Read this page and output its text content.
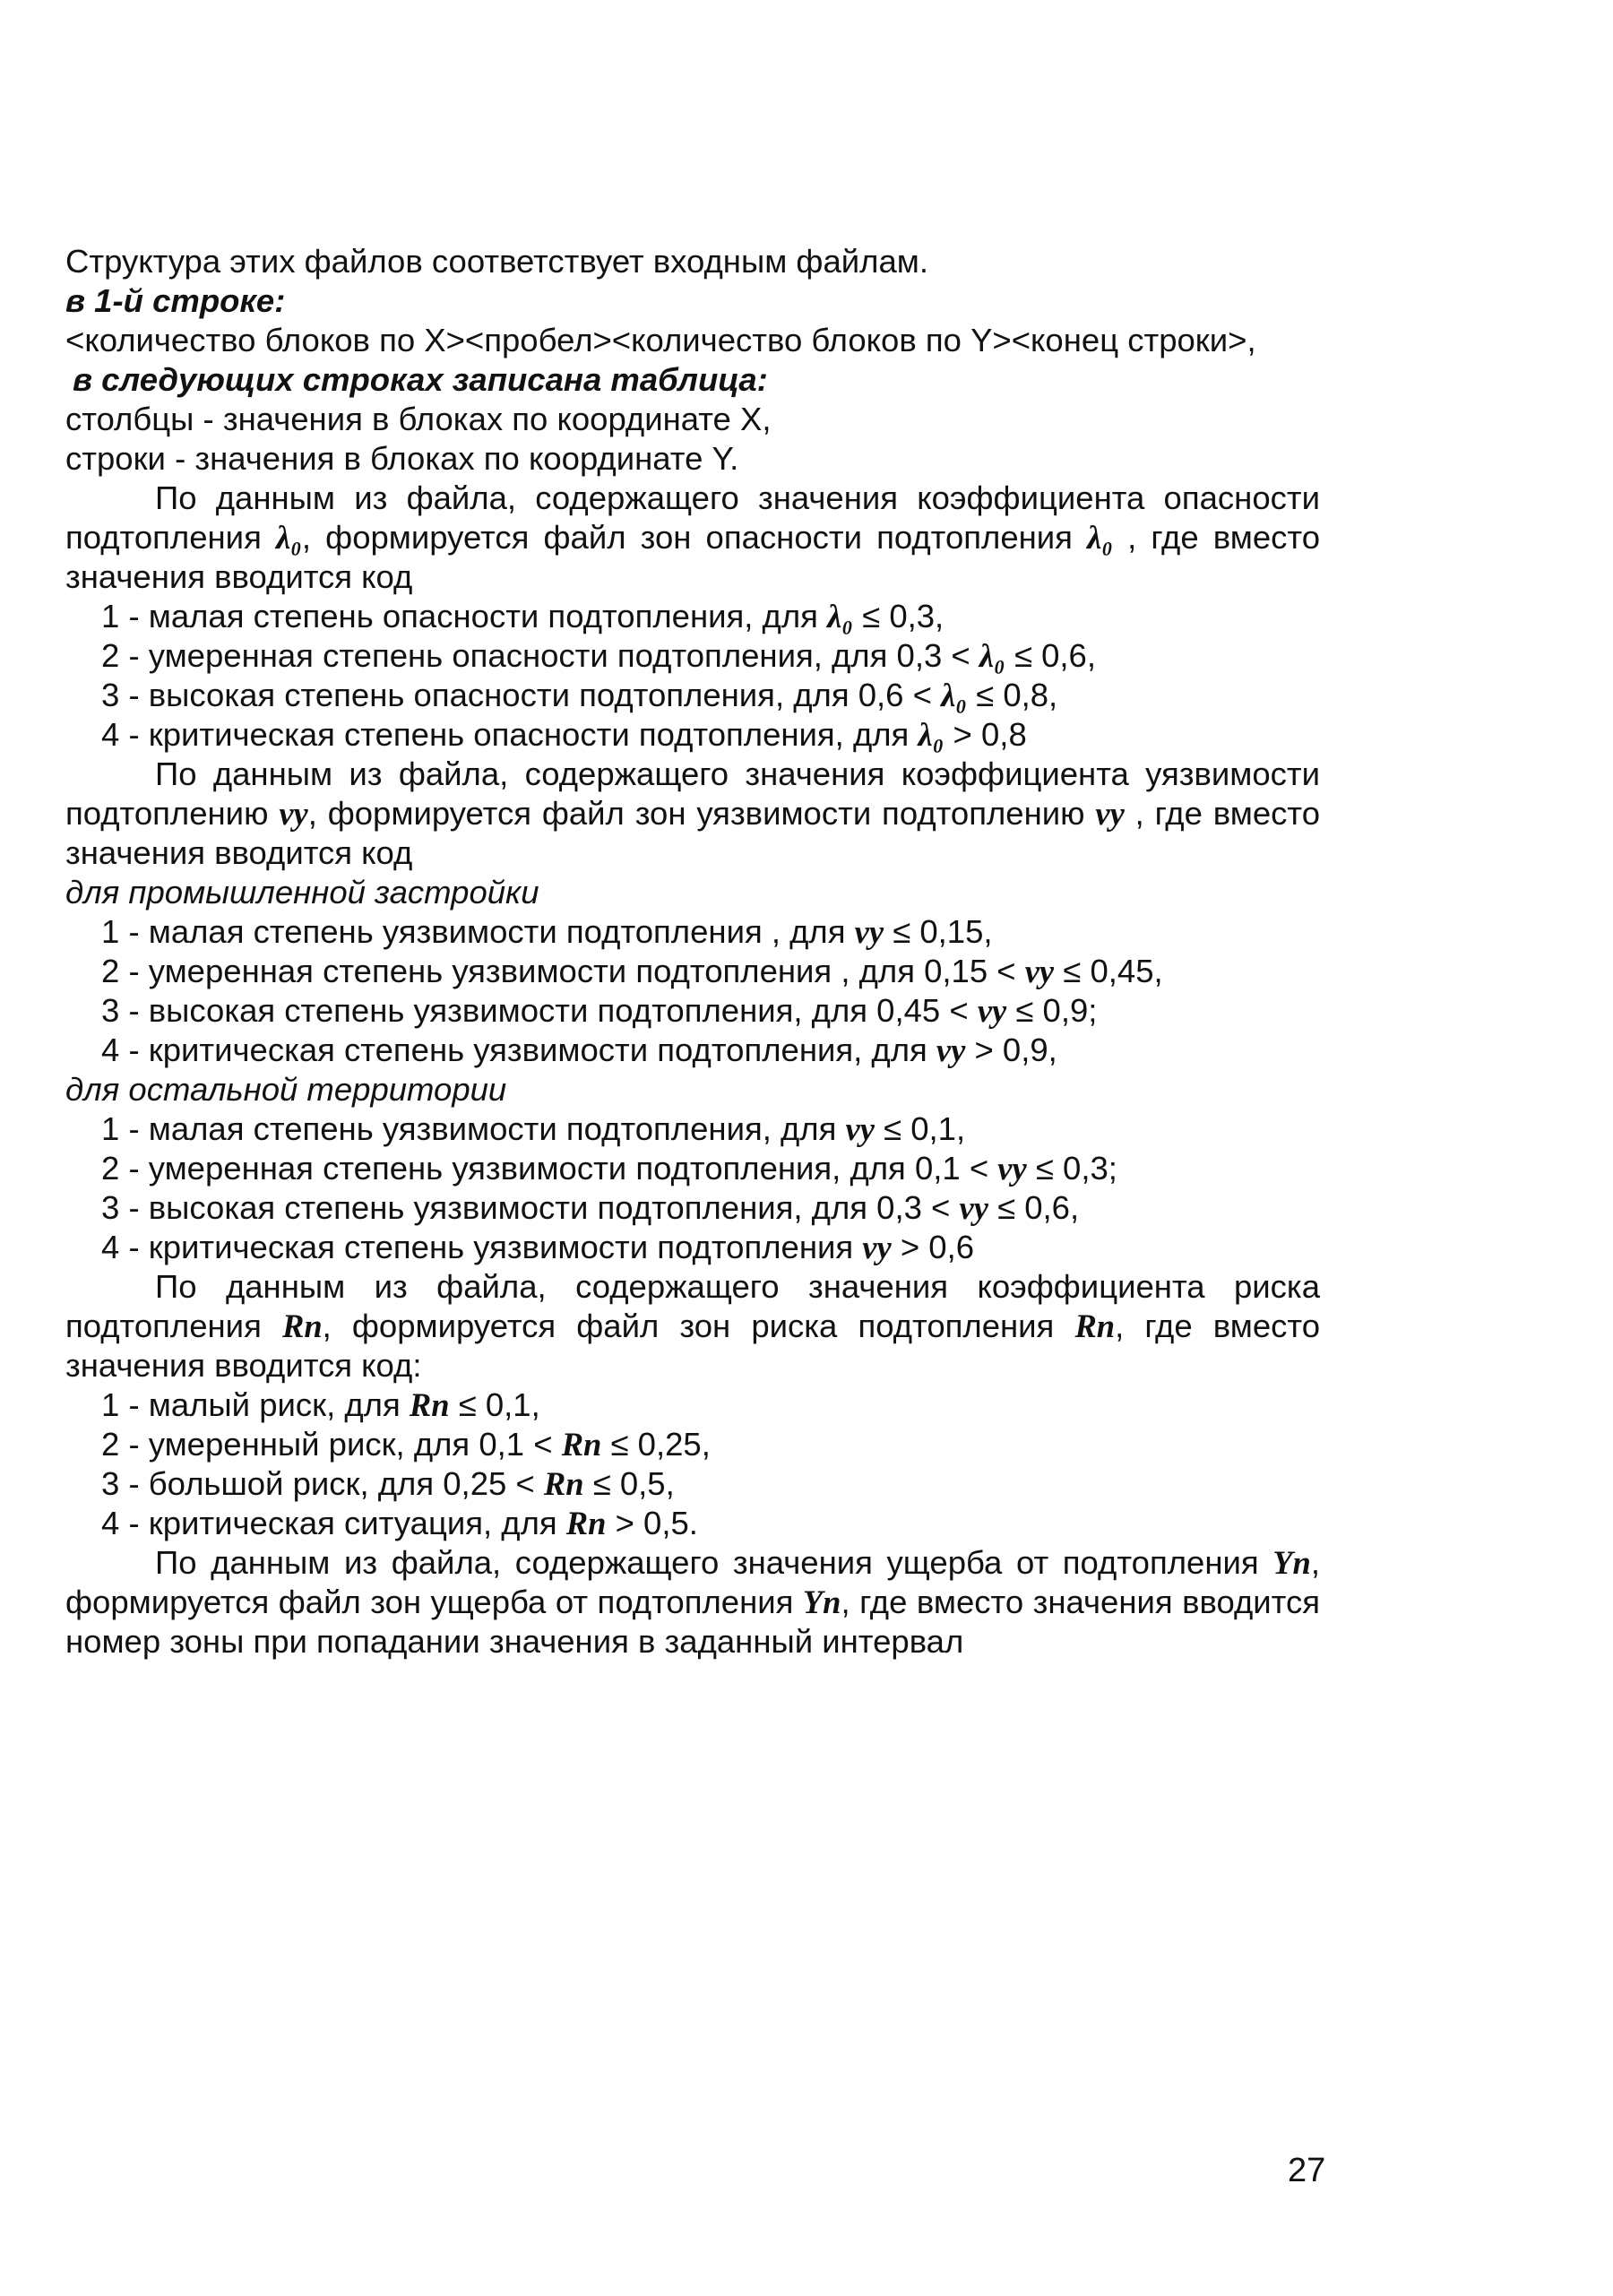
Структура этих файлов соответствует входным файлам.
в 1-й строке:
<количество блоков по X><пробел><количество блоков по Y><конец строки>,
в следующих строках записана таблица:
столбцы - значения в блоках по координате X,
строки - значения в блоках по координате Y.
По данным из файла, содержащего значения коэффициента опасности
подтопления λ₀, формируется файл зон опасности подтопления λ₀ , где вместо
значения вводится код
1 - малая степень опасности подтопления, для λ₀ ≤ 0,3,
2 - умеренная степень опасности подтопления, для 0,3 < λ₀ ≤ 0,6,
3 - высокая степень опасности подтопления, для 0,6 < λ₀ ≤ 0,8,
4 - критическая степень опасности подтопления, для λ₀ > 0,8
По данным из файла, содержащего значения коэффициента уязвимости
подтоплению νy, формируется файл зон уязвимости подтоплению νy , где вместо
значения вводится код
для промышленной застройки
1 - малая степень уязвимости подтопления , для νy ≤ 0,15,
2 - умеренная степень уязвимости подтопления , для 0,15 < νy ≤ 0,45,
3 - высокая степень уязвимости подтопления, для 0,45 < νy ≤ 0,9;
4 - критическая степень уязвимости подтопления, для νy > 0,9,
для остальной территории
1 - малая степень уязвимости подтопления, для νy ≤ 0,1,
2 - умеренная степень уязвимости подтопления, для 0,1 < νy ≤ 0,3;
3 - высокая степень уязвимости подтопления, для 0,3 < νy ≤ 0,6,
4 - критическая степень уязвимости подтопления νy > 0,6
По данным из файла, содержащего значения коэффициента риска
подтопления Rп, формируется файл зон риска подтопления Rп, где вместо
значения вводится код:
1 - малый риск, для Rп ≤ 0,1,
2 - умеренный риск, для 0,1 < Rп ≤ 0,25,
3 - большой риск, для 0,25 < Rп ≤ 0,5,
4 - критическая ситуация, для Rп > 0,5.
По данным из файла, содержащего значения ущерба от подтопления Yп,
формируется файл зон ущерба от подтопления Yп, где вместо значения вводится
номер зоны при попадании значения в заданный интервал
27
